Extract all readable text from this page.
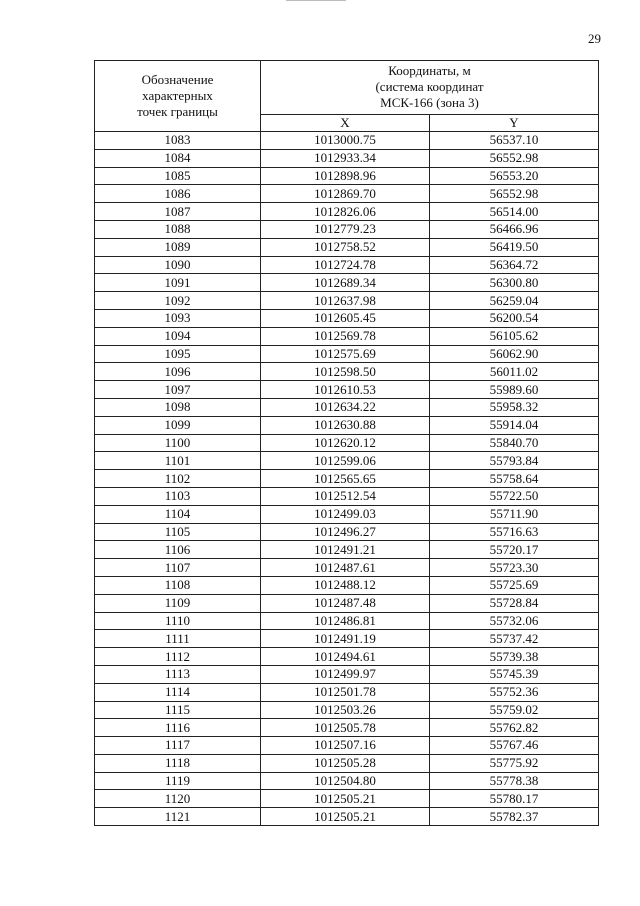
29
Обозначение
характерных
точек границы	Координаты, м
(система координат
МСК-166 (зона 3)	

	X	Y
1083	1013000.75	56537.10
1084	1012933.34	56552.98
1085	1012898.96	56553.20
1086	1012869.70	56552.98
1087	1012826.06	56514.00
1088	1012779.23	56466.96
1089	1012758.52	56419.50
1090	1012724.78	56364.72
1091	1012689.34	56300.80
1092	1012637.98	56259.04
1093	1012605.45	56200.54
1094	1012569.78	56105.62
1095	1012575.69	56062.90
1096	1012598.50	56011.02
1097	1012610.53	55989.60
1098	1012634.22	55958.32
1099	1012630.88	55914.04
1100	1012620.12	55840.70
1101	1012599.06	55793.84
1102	1012565.65	55758.64
1103	1012512.54	55722.50
1104	1012499.03	55711.90
1105	1012496.27	55716.63
1106	1012491.21	55720.17
1107	1012487.61	55723.30
1108	1012488.12	55725.69
1109	1012487.48	55728.84
1110	1012486.81	55732.06
1111	1012491.19	55737.42
1112	1012494.61	55739.38
1113	1012499.97	55745.39
1114	1012501.78	55752.36
1115	1012503.26	55759.02
1116	1012505.78	55762.82
1117	1012507.16	55767.46
1118	1012505.28	55775.92
1119	1012504.80	55778.38
1120	1012505.21	55780.17
1121	1012505.21	55782.37
